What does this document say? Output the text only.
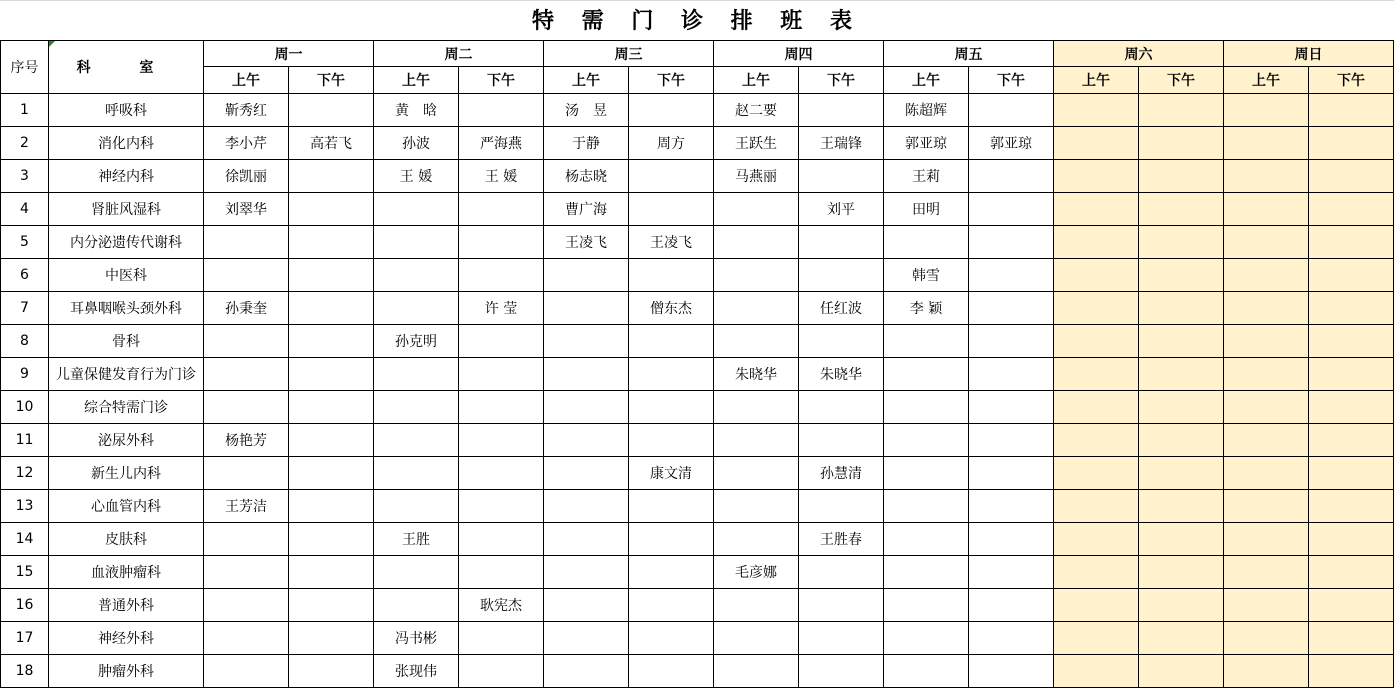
特 需 门 诊 排 班 表
序号	科 室	周一		周二		周三		周四		周五		周六		周日	
		上午	下午	上午	下午	上午	下午	上午	下午	上午	下午	上午	下午	上午	下午
1	呼吸科	靳秀红		黄　晗		汤　昱		赵二要		陈超辉					
2	消化内科	李小芹	高若飞	孙波	严海燕	于静	周方	王跃生	王瑞锋	郭亚琼	郭亚琼				
3	神经内科	徐凯丽		王 媛	王 媛	杨志晓		马燕丽		王莉					
4	肾脏风湿科	刘翠华				曹广海			刘平	田明					
5	内分泌遗传代谢科					王凌飞	王凌飞								
6	中医科									韩雪					
7	耳鼻咽喉头颈外科	孙秉奎			许 莹		僧东杰		任红波	李 颖					
8	骨科			孙克明											
9	儿童保健发育行为门诊							朱晓华	朱晓华						
10	综合特需门诊														
11	泌尿外科	杨艳芳													
12	新生儿内科						康文清		孙慧清						
13	心血管内科	王芳洁													
14	皮肤科			王胜					王胜春						
15	血液肿瘤科							毛彦娜							
16	普通外科				耿宪杰										
17	神经外科			冯书彬											
18	肿瘤外科			张现伟											
